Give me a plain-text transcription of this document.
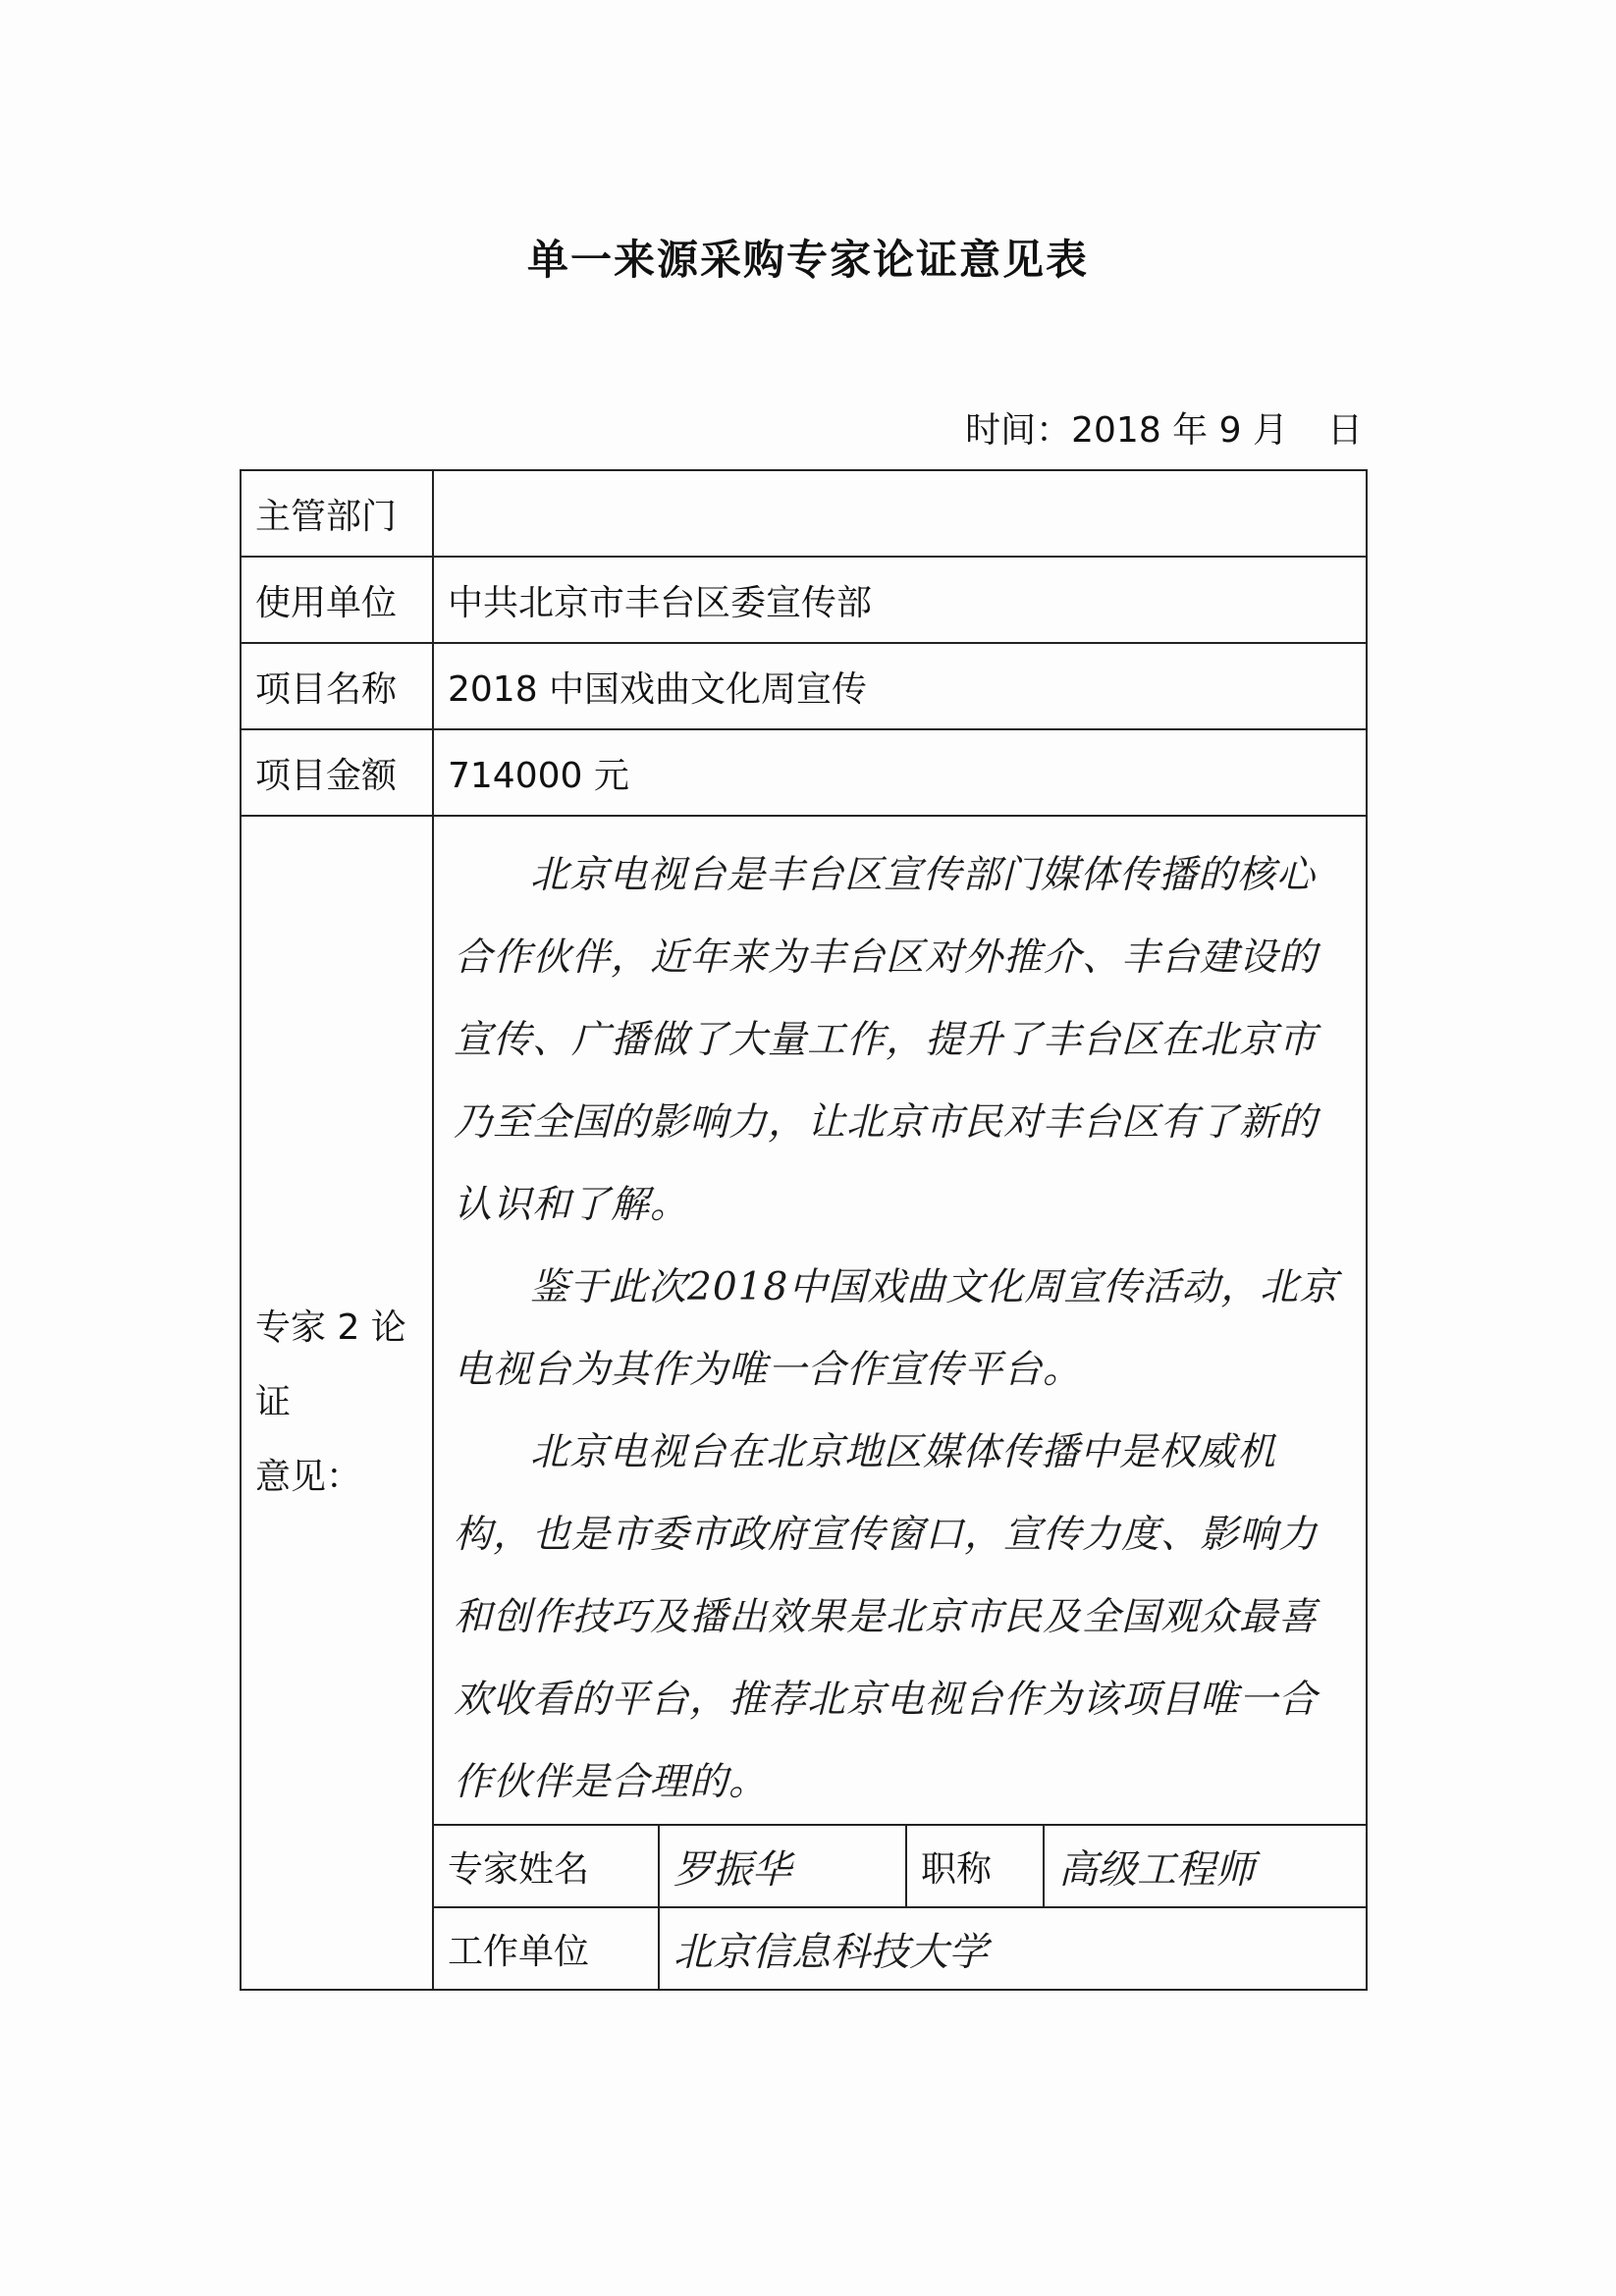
单一来源采购专家论证意见表
时间：2018 年 9 月 日
主管部门	
使用单位	中共北京市丰台区委宣传部
项目名称	2018 中国戏曲文化周宣传
项目金额	714000 元

专家 2 论证
意见：

北京电视台是丰台区宣传部门媒体传播的核心合作伙伴，近年来为丰台区对外推介、丰台建设的宣传、广播做了大量工作，提升了丰台区在北京市乃至全国的影响力，让北京市民对丰台区有了新的认识和了解。

鉴于此次2018中国戏曲文化周宣传活动，北京电视台为其作为唯一合作宣传平台。

北京电视台在北京地区媒体传播中是权威机构，也是市委市政府宣传窗口，宣传力度、影响力和创作技巧及播出效果是北京市民及全国观众最喜欢收看的平台，推荐北京电视台作为该项目唯一合作伙伴是合理的。

专家姓名	罗振华	职称	高级工程师

工作单位	北京信息科技大学
